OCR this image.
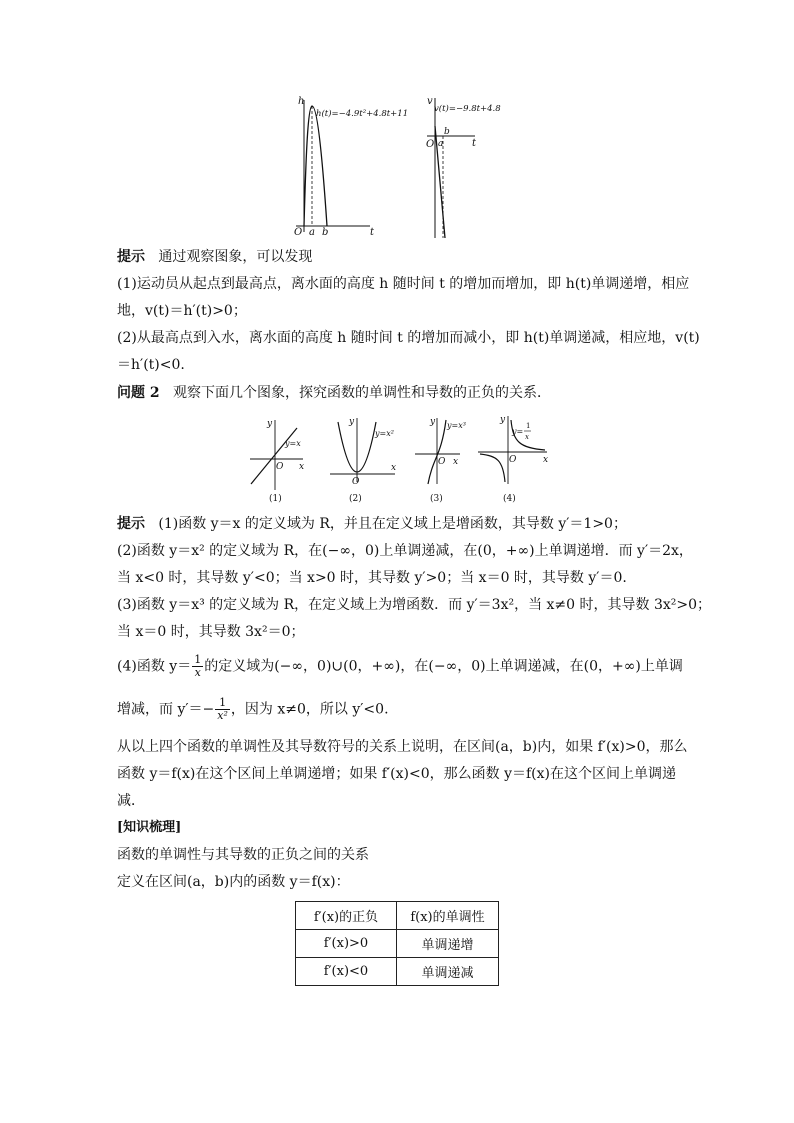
h
O a b	t
h(t)=−4.9t²+4.8t+11
v
v(t)=−9.8t+4.8
O
b
a	t
提示 通过观察图象，可以发现
(1)运动员从起点到最高点，离水面的高度 h 随时间 t 的增加而增加，即 h(t)单调递增，相应
地，v(t)＝h′(t)>0；
(2)从最高点到入水，离水面的高度 h 随时间 t 的增加而减小，即 h(t)单调递减，相应地，v(t)
＝h′(t)<0.
问题 2 观察下面几个图象，探究函数的单调性和导数的正负的关系．
y
x
O
y=x
(1)
y
x
O
y=x²
(2)
y
x
O
y=x³
(3)
y
x
O
y=
1
x
(4)
提示 (1)函数 y＝x 的定义域为 R，并且在定义域上是增函数，其导数 y′＝1>0；
(2)函数 y＝x² 的定义域为 R，在(−∞，0)上单调递减，在(0，+∞)上单调递增．而 y′＝2x，
当 x<0 时，其导数 y′<0；当 x>0 时，其导数 y′>0；当 x＝0 时，其导数 y′＝0.
(3)函数 y＝x³ 的定义域为 R，在定义域上为增函数．而 y′＝3x²，当 x≠0 时，其导数 3x²>0；
当 x＝0 时，其导数 3x²＝0；
(4)函数 $y= \frac{1}{x}$ 的定义域为(−∞，0)∪(0，+∞)，在(−∞，0)上单调递减，在(0，+∞)上单调
增减，而 $y'=- \frac{1}{\text{x²}}$ ，因为 x≠0，所以 y′<0.
从以上四个函数的单调性及其导数符号的关系上说明，在区间(a，b)内，如果 f′(x)>0，那么
函数 y＝f(x)在这个区间上单调递增；如果 f′(x)<0，那么函数 y＝f(x)在这个区间上单调递
减．
[知识梳理]
函数的单调性与其导数的正负之间的关系
定义在区间(a，b)内的函数 y＝f(x)：
f′(x)的正负	f(x)的单调性
f′(x)>0	单调递增
f′(x)<0	单调递减
